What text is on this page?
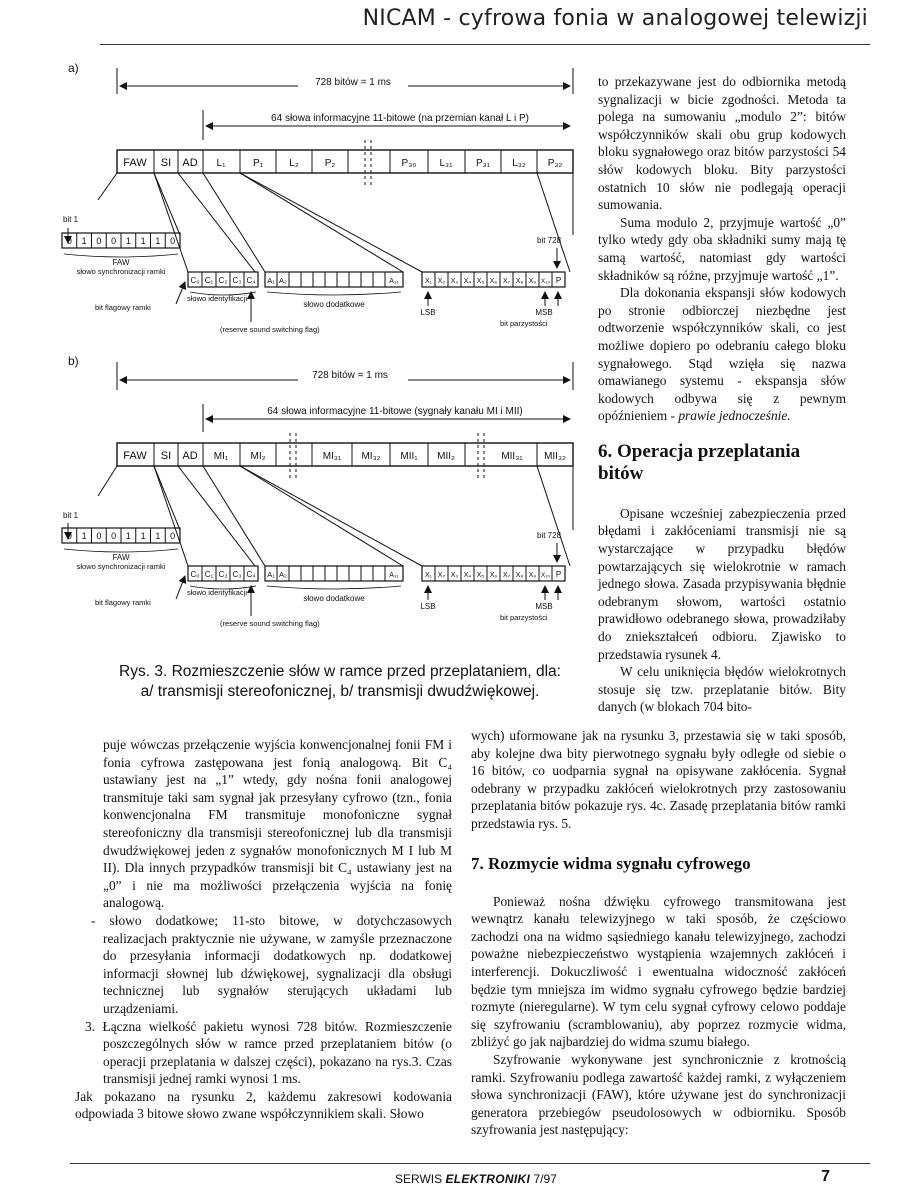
NICAM - cyfrowa fonia w analogowej telewizji
a)
728 bitów = 1 ms
64 słowa informacyjne 11-bitowe (na przemian kanał L i P)
FAW SI AD L₁	P₁	L₂	P₂	P₃₀ L₃₁ P₃₁ L₃₂ P₃₂
bit 1
0 1 0 0 1 1 1 0
FAW
słowo synchronizacji ramki
bit flagowy ramki
C₀ C₁ C₂ C₃ C₄
słowo identyfikacji
(reserve sound switching flag)
A₁ A₂	A₁₁
słowo dodatkowe
X₁ X₂ X₃ X₄ X₅ X₆ X₇ X₈ X₉ X₁₀ P
bit 728
LSB	MSB
bit parzystości
b)
728 bitów = 1 ms
64 słowa informacyjne 11-bitowe (sygnały kanału MI i MII)
FAW SI AD MI₁ MI₂	MI₃₁ MI₃₂ MII₁ MII₂	MII₃₁ MII₃₂
bit 1
0 1 0 0 1 1 1 0
FAW
słowo synchronizacji ramki
bit flagowy ramki
C₀ C₁ C₂ C₃ C₄
słowo identyfikacji
(reserve sound switching flag)
A₁ A₂	A₁₁
słowo dodatkowe
X₁ X₂ X₃ X₄ X₅ X₆ X₇ X₈ X₉ X₁₀ P
bit 728
LSB	MSB
bit parzystości
Rys. 3. Rozmieszczenie słów w ramce przed przeplataniem, dla:
a/ transmisji stereofonicznej, b/ transmisji dwudźwiękowej.

to przekazywane jest do odbiornika metodą sygnalizacji w bicie zgodności. Metoda ta polega na sumowaniu „modulo 2”: bitów współczynników skali obu grup kodowych bloku sygnałowego oraz bitów parzystości 54 słów kodowych bloku. Bity parzystości ostatnich 10 słów nie podlegają operacji sumowania.

Suma modulo 2, przyjmuje wartość „0” tylko wtedy gdy oba składniki sumy mają tę samą wartość, natomiast gdy wartości składników są różne, przyjmuje wartość „1”.

Dla dokonania ekspansji słów kodowych po stronie odbiorczej niezbędne jest odtworzenie współczynników skali, co jest możliwe dopiero po odebraniu całego bloku sygnałowego. Stąd wzięła się nazwa omawianego systemu - ekspansja słów kodowych odbywa się z pewnym opóźnieniem - prawie jednocześnie.

6. Operacja przeplatania bitów

Opisane wcześniej zabezpieczenia przed błędami i zakłóceniami transmisji nie są wystarczające w przypadku błędów powtarzających się wielokrotnie w ramach jednego słowa. Zasada przypisywania błędnie odebranym słowom, wartości ostatnio prawidłowo odebranego słowa, prowadziłaby do zniekształceń odbioru. Zjawisko to przedstawia rysunek 4.

W celu uniknięcia błędów wielokrotnych stosuje się tzw. przeplatanie bitów. Bity danych (w blokach 704 bito-

wych) uformowane jak na rysunku 3, przestawia się w taki sposób, aby kolejne dwa bity pierwotnego sygnału były odległe od siebie o 16 bitów, co uodparnia sygnał na opisywane zakłócenia. Sygnał odebrany w przypadku zakłóceń wielokrotnych przy zastosowaniu przeplatania bitów pokazuje rys. 4c. Zasadę przeplatania bitów ramki przedstawia rys. 5.

7. Rozmycie widma sygnału cyfrowego

Ponieważ nośna dźwięku cyfrowego transmitowana jest wewnątrz kanału telewizyjnego w taki sposób, że częściowo zachodzi ona na widmo sąsiedniego kanału telewizyjnego, zachodzi poważne niebezpieczeństwo wystąpienia wzajemnych zakłóceń i interferencji. Dokuczliwość i ewentualna widoczność zakłóceń będzie tym mniejsza im widmo sygnału cyfrowego będzie bardziej rozmyte (nieregularne). W tym celu sygnał cyfrowy celowo poddaje się szyfrowaniu (scramblowaniu), aby poprzez rozmycie widma, zbliżyć go jak najbardziej do widma szumu białego.

Szyfrowanie wykonywane jest synchronicznie z krotnością ramki. Szyfrowaniu podlega zawartość każdej ramki, z wyłączeniem słowa synchronizacji (FAW), które używane jest do synchronizacji generatora przebiegów pseudolosowych w odbiorniku. Sposób szyfrowania jest następujący:

puje wówczas przełączenie wyjścia konwencjonalnej fonii FM i fonia cyfrowa zastępowana jest fonią analogową. Bit C₄ ustawiany jest na „1” wtedy, gdy nośna fonii analogowej transmituje taki sam sygnał jak przesyłany cyfrowo (tzn., fonia konwencjonalna FM transmituje monofoniczne sygnał stereofoniczny dla transmisji stereofonicznej lub dla transmisji dwudźwiękowej jeden z sygnałów monofonicznych M I lub M II). Dla innych przypadków transmisji bit C₄ ustawiany jest na „0” i nie ma możliwości przełączenia wyjścia na fonię analogową.

- słowo dodatkowe; 11-sto bitowe, w dotychczasowych realizacjach praktycznie nie używane, w zamyśle przeznaczone do przesyłania informacji dodatkowych np. dodatkowej informacji słownej lub dźwiękowej, sygnalizacji dla obsługi technicznej lub sygnałów sterujących układami lub urządzeniami.

3. Łączna wielkość pakietu wynosi 728 bitów. Rozmieszczenie poszczególnych słów w ramce przed przeplataniem bitów (o operacji przeplatania w dalszej części), pokazano na rys.3. Czas transmisji jednej ramki wynosi 1 ms.

Jak pokazano na rysunku 2, każdemu zakresowi kodowania odpowiada 3 bitowe słowo zwane współczynnikiem skali. Słowo

SERWIS ELEKTRONIKI 7/97	7
